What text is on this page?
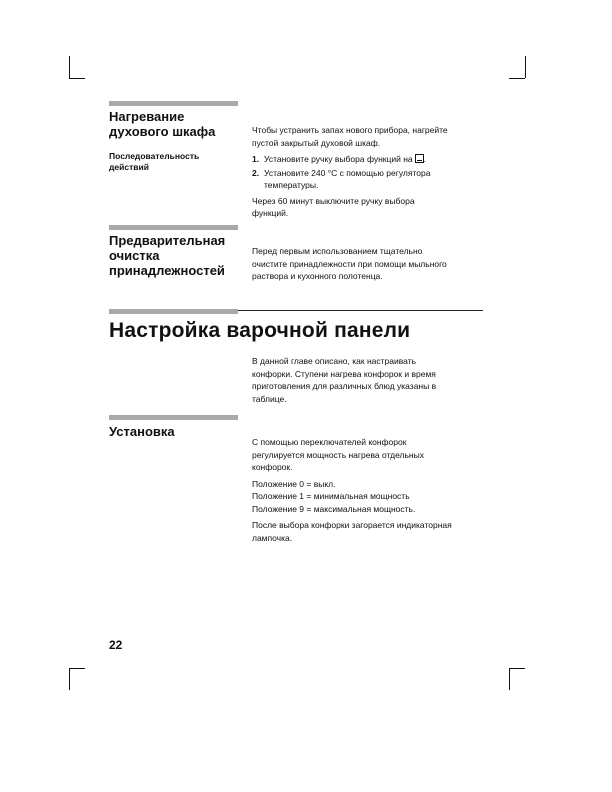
Нагревание
духового шкафа
Последовательность
действий

Чтобы устранить запах нового прибора, нагрейте

пустой закрытый духовой шкаф.

1. Установите ручку выбора функций на .
2. Установите 240 °C с помощью регулятора
температуры.

Через 60 минут выключите ручку выбора

функций.

Предварительная
очистка
принадлежностей

Перед первым использованием тщательно

очистите принадлежности при помощи мыльного

раствора и кухонного полотенца.

Настройка варочной панели

В данной главе описано, как настраивать

конфорки. Ступени нагрева конфорок и время

приготовления для различных блюд указаны в

таблице.

Установка

С помощью переключателей конфорок

регулируется мощность нагрева отдельных

конфорок.

Положение 0 = выкл.

Положение 1 = минимальная мощность

Положение 9 = максимальная мощность.

После выбора конфорки загорается индикаторная

лампочка.

22
